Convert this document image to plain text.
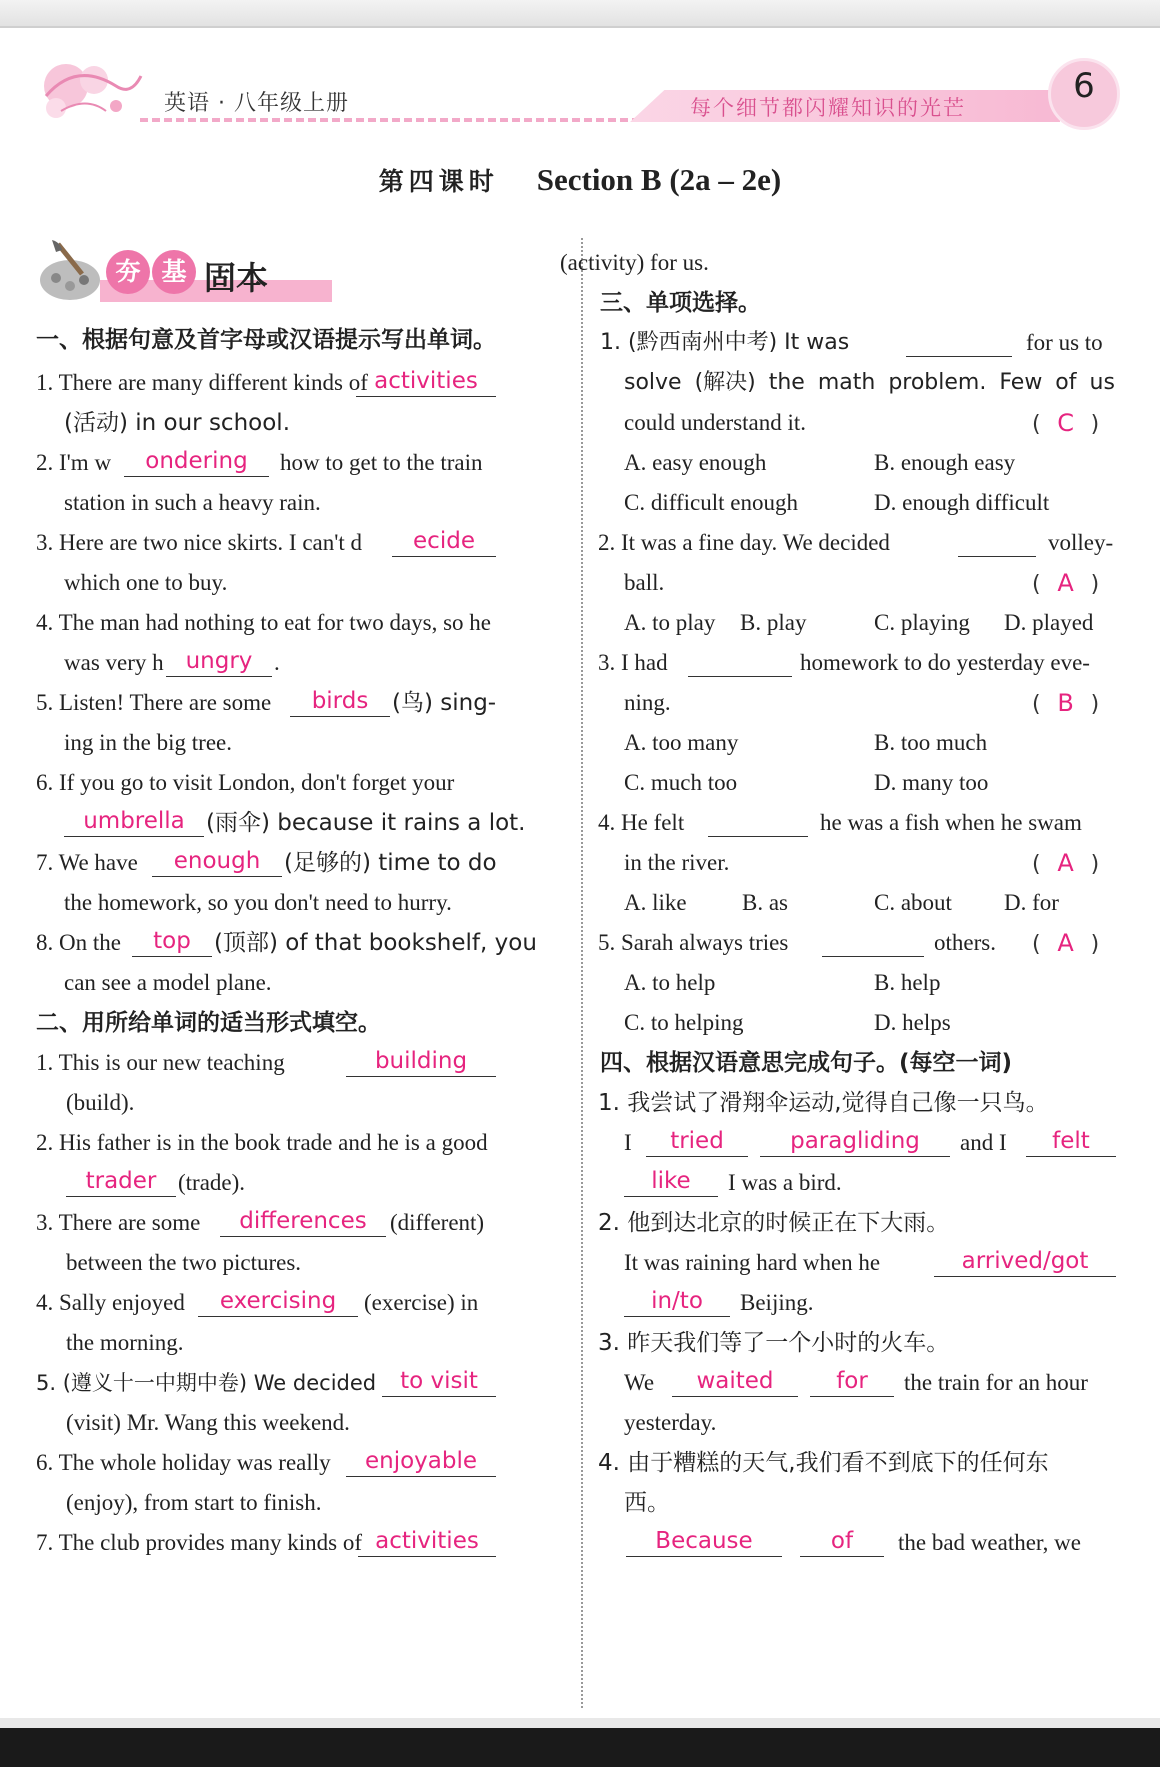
英语 · 八年级上册	每个细节都闪耀知识的光芒
6
第四课时 Section B (2a – 2e)
夯 基 固本
一、根据句意及首字母或汉语提示写出单词。
1. There are many different kinds of activities
(活动) in our school.
2. I'm w	ondering	how to get to the train
station in such a heavy rain.
3. Here are two nice skirts. I can't d	ecide
which one to buy.
4. The man had nothing to eat for two days, so he
was very h ungry .
5. Listen! There are some	birds	(鸟) sing-
ing in the big tree.
6. If you go to visit London, don't forget your
umbrella (雨伞) because it rains a lot.
7. We have	enough	(足够的) time to do
the homework, so you don't need to hurry.
8. On the	top	(顶部) of that bookshelf, you
can see a model plane.
二、用所给单词的适当形式填空。
1. This is our new teaching	building
(build).
2. His father is in the book trade and he is a good
trader (trade).
3. There are some	differences	(different)
between the two pictures.
4. Sally enjoyed	exercising	(exercise) in
the morning.
5. (遵义十一中期中卷) We decided	to visit
(visit) Mr. Wang this weekend.
6. The whole holiday was really	enjoyable
(enjoy), from start to finish.
7. The club provides many kinds of activities
(activity) for us.
三、单项选择。
1. (黔西南州中考) It was	for us to
solve (解决) the math problem. Few of us
could understand it.	( C )
A. easy enough	B. enough easy
C. difficult enough	D. enough difficult
2. It was a fine day. We decided	volley-
ball.	( A )
A. to play B. play	C. playing D. played
3. I had	homework to do yesterday eve-
ning.	( B )
A. too many	B. too much
C. much too	D. many too
4. He felt	he was a fish when he swam
in the river.	( A )
A. like B. as	C. about D. for
5. Sarah always tries	others. ( A )
A. to help	B. help
C. to helping	D. helps
四、根据汉语意思完成句子。(每空一词)
1. 我尝试了滑翔伞运动,觉得自己像一只鸟。
I	tried	paragliding	and I	felt
like	I was a bird.
2. 他到达北京的时候正在下大雨。
It was raining hard when he	arrived/got
in/to	Beijing.
3. 昨天我们等了一个小时的火车。
We	waited	for	the train for an hour
yesterday.
4. 由于糟糕的天气,我们看不到底下的任何东
西。
Because	of	the bad weather, we
